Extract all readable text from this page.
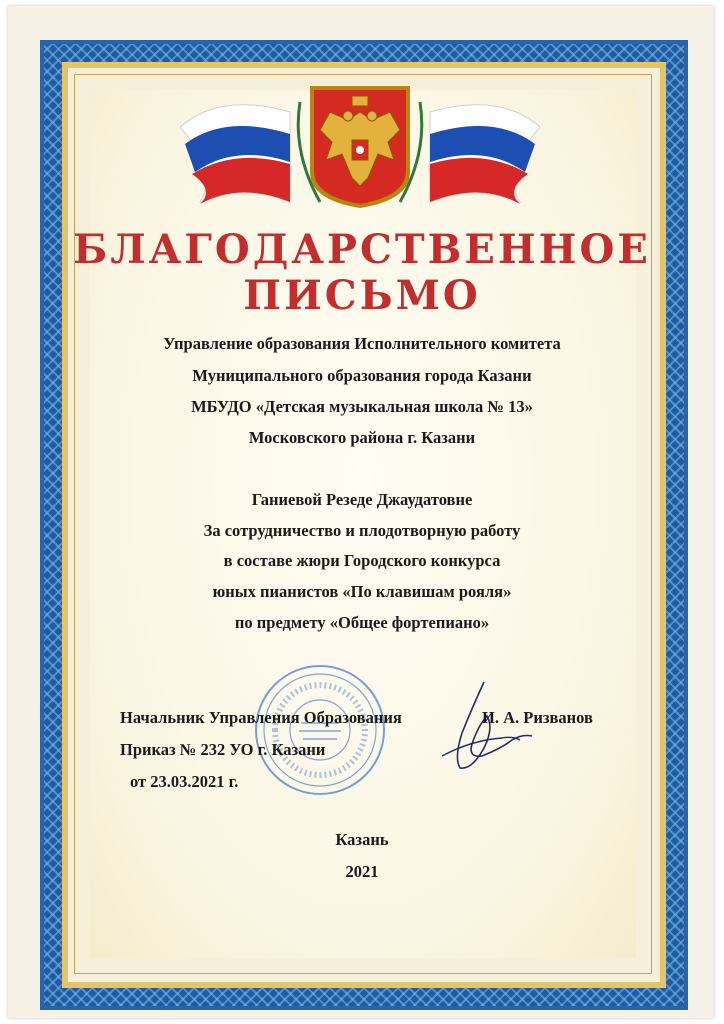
БЛАГОДАРСТВЕННОЕ
ПИСЬМО
Управление образования Исполнительного комитета
Муниципального образования города Казани
МБУДО «Детская музыкальная школа № 13»
Московского района г. Казани
Ганиевой Резеде Джаудатовне
За сотрудничество и плодотворную работу
в составе жюри Городского конкурса
юных пианистов «По клавишам рояля»
по предмету «Общее фортепиано»
Начальник Управления Образования	И. А. Ризванов
Приказ № 232 УО г. Казани
от 23.03.2021 г.
Казань
2021
